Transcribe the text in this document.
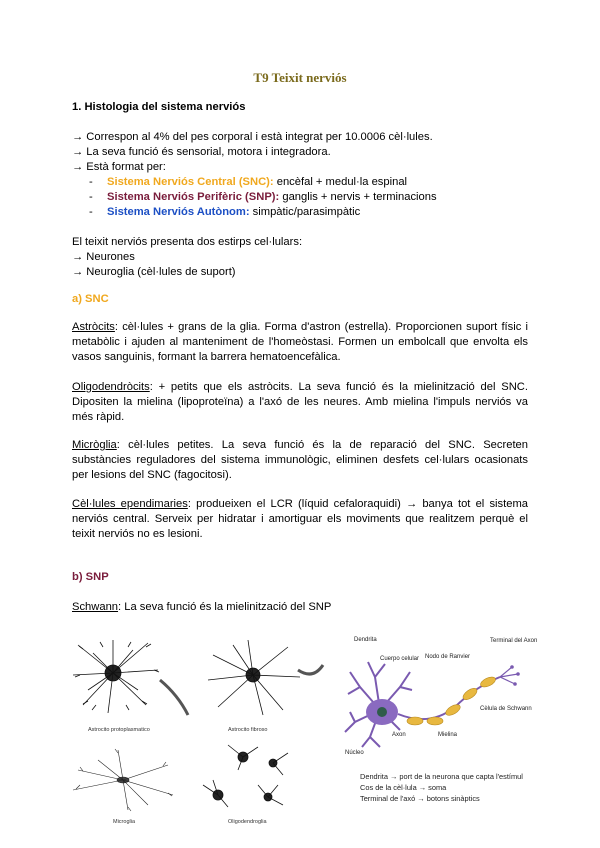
T9 Teixit nerviós
1. Histologia del sistema nerviós
→ Correspon al 4% del pes corporal i està integrat per 10.0006 cèl·lules.
→ La seva funció és sensorial, motora i integradora.
→ Està format per:
- Sistema Nerviós Central (SNC): encèfal + medul·la espinal
- Sistema Nerviós Perifèric (SNP): ganglis + nervis + terminacions
- Sistema Nerviós Autònom: simpàtic/parasimpàtic
El teixit nerviós presenta dos estirps cel·lulars:
→ Neurones
→ Neuroglia (cèl·lules de suport)
a) SNC
Astròcits: cèl·lules + grans de la glia. Forma d'astron (estrella). Proporcionen suport físic i metabòlic i ajuden al manteniment de l'homeòstasi. Formen un embolcall que envolta els vasos sanguinis, formant la barrera hematoencefàlica.
Oligodendròcits: + petits que els astròcits. La seva funció és la mielinització del SNC. Dipositen la mielina (lipoproteïna) a l'axó de les neures. Amb mielina l'impuls nerviós va més ràpid.
Micròglia: cèl·lules petites. La seva funció és la de reparació del SNC. Secreten substàncies reguladores del sistema immunològic, eliminen desfets cel·lulars ocasionats per lesions del SNC (fagocitosi).
Cèl·lules ependimaries: produeixen el LCR (líquid cefaloraquidi) → banya tot el sistema nerviós central. Serveix per hidratar i amortiguar els moviments que realitzem perquè el teixit nerviós no es lesioni.
b) SNP
Schwann: La seva funció és la mielinització del SNP
Astrocito protoplasmatico	Astrocito fibroso
Microglia	Oligodendroglia
Dendrita
Cuerpo celular Nodo de Ranvier
Terminal del Axon
Cèlula de Schwann
Axon	Mielina
Núcleo
Dendrita → port de la neurona que capta l'estímul
Cos de la cèl·lula → soma
Terminal de l'axó → botons sinàptics
